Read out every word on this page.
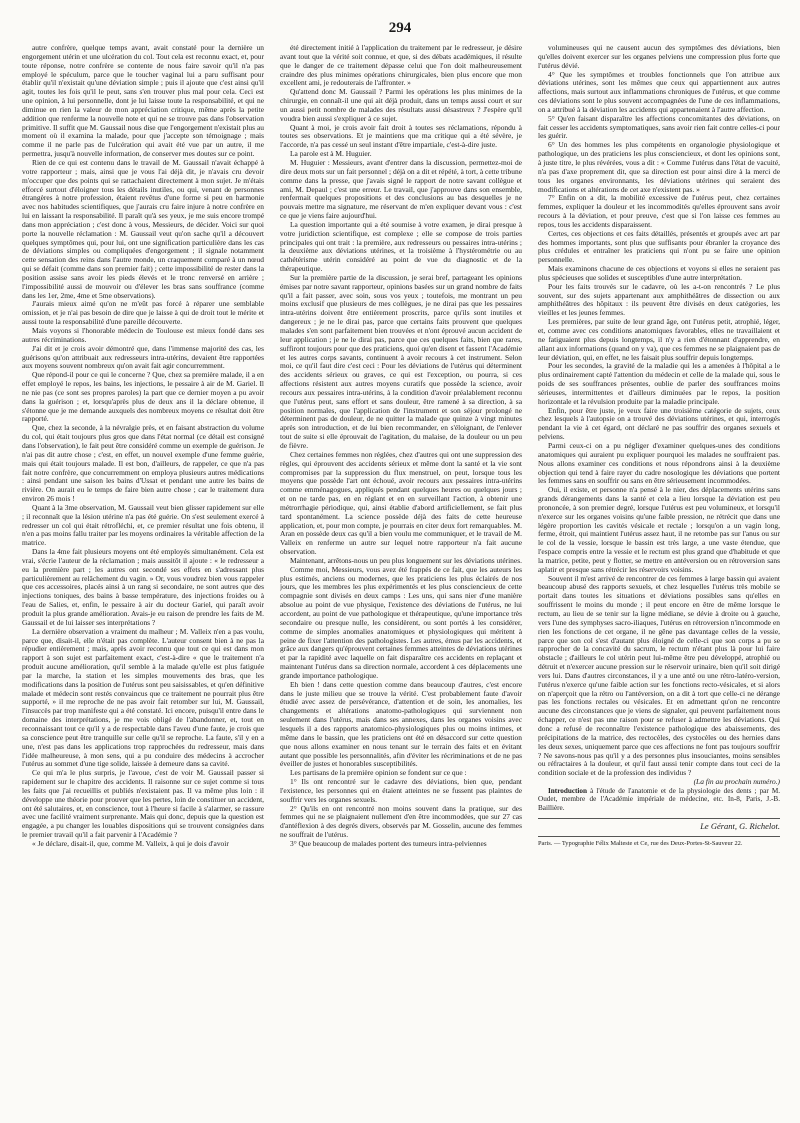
294

autre confrère, quelque temps avant, avait constaté pour la dernière un engorgement utérin et une ulcération du col. Tout cela est reconnu exact, et, pour toute réponse, notre confrère se contente de nous faire savoir qu'il n'a pas employé le spéculum, parce que le toucher vaginal lui a paru suffisant pour établir qu'il n'existait qu'une déviation simple ; puis il ajoute que c'est ainsi qu'il agit, toutes les fois qu'il le peut, sans s'en trouver plus mal pour cela. Ceci est une opinion, à lui personnelle, dont je lui laisse toute la responsabilité, et qui ne diminue en rien la valeur de mon appréciation critique, même après la petite addition que renferme la nouvelle note et qui ne se trouve pas dans l'observation primitive. Il suffit que M. Gaussail nous dise que l'engorgement n'existait plus au moment où il examina la malade, pour que j'accepte son témoignage ; mais comme il ne parle pas de l'ulcération qui avait été vue par un autre, il me permettra, jusqu'à nouvelle information, de conserver mes doutes sur ce point.

Rien de ce qui est contenu dans le travail de M. Gaussail n'avait échappé à votre rapporteur ; mais, ainsi que je vous l'ai déjà dit, je n'avais cru devoir m'occuper que des points qui se rattachaient directement à mon sujet. Je m'étais efforcé surtout d'éloigner tous les détails inutiles, ou qui, venant de personnes étrangères à notre profession, étaient revêtus d'une forme si peu en harmonie avec nos habitudes scientifiques, que j'aurais cru faire injure à notre confrère en lui en laissant la responsabilité. Il paraît qu'à ses yeux, je me suis encore trompé dans mon appréciation ; c'est donc à vous, Messieurs, de décider. Voici sur quoi porte la nouvelle réclamation : M. Gaussail veut qu'on sache qu'il a découvert quelques symptômes qui, pour lui, ont une signification particulière dans les cas de déviations simples ou compliquées d'engorgement ; il signale notamment cette sensation des reins dans l'autre monde, un craquement comparé à un nœud qui se défait (comme dans son premier fait) ; cette impossibilité de rester dans la position assise sans avoir les pieds élevés et le tronc renversé en arrière ; l'impossibilité aussi de mouvoir ou d'élever les bras sans souffrance (comme dans les 1er, 2me, 4me et 5me observations).

J'aurais mieux aimé qu'on ne m'eût pas forcé à réparer une semblable omission, et je n'ai pas besoin de dire que je laisse à qui de droit tout le mérite et aussi toute la responsabilité d'une pareille découverte.

Mais voyons si l'honorable médecin de Toulouse est mieux fondé dans ses autres récriminations.

J'ai dit et je crois avoir démontré que, dans l'immense majorité des cas, les guérisons qu'on attribuait aux redresseurs intra-utérins, devaient être rapportées aux moyens souvent nombreux qu'on avait fait agir concurremment.

Que répond-il pour ce qui le concerne ? Que, chez sa première malade, il a en effet employé le repos, les bains, les injections, le pessaire à air de M. Gariel. Il ne nie pas (ce sont ses propres paroles) la part que ce dernier moyen a pu avoir dans la guérison ; et, lorsqu'après plus de deux ans il la déclare obtenue, il s'étonne que je me demande auxquels des nombreux moyens ce résultat doit être rapporté.

Que, chez la seconde, à la névralgie près, et en faisant abstraction du volume du col, qui était toujours plus gros que dans l'état normal (ce détail est consigné dans l'observation), le fait peut être considéré comme un exemple de guérison. Je n'ai pas dit autre chose ; c'est, en effet, un nouvel exemple d'une femme guérie, mais qui était toujours malade. Il est bon, d'ailleurs, de rappeler, ce que n'a pas fait notre confrère, que concurremment on employa plusieurs autres médications : ainsi pendant une saison les bains d'Ussat et pendant une autre les bains de rivière. On aurait eu le temps de faire bien autre chose ; car le traitement dura environ 26 mois !

Quant à la 3me observation, M. Gaussail veut bien glisser rapidement sur elle ; il reconnaît que la lésion utérine n'a pas été guérie. On s'est seulement exercé à redresser un col qui était rétrofléchi, et, ce premier résultat une fois obtenu, il n'en a pas moins fallu traiter par les moyens ordinaires la véritable affection de la matrice.

Dans la 4me fait plusieurs moyens ont été employés simultanément. Cela est vrai, s'écrie l'auteur de la réclamation ; mais aussitôt il ajoute : « le redresseur a eu la première part ; les autres ont secondé ses effets en s'adressant plus particulièrement au relâchement du vagin. » Or, vous voudrez bien vous rappeler que ces accessoires, placés ainsi à un rang si secondaire, ne sont autres que des injections toniques, des bains à basse température, des injections froides ou à l'eau de Salies, et, enfin, le pessaire à air du docteur Gariel, qui paraît avoir produit la plus grande amélioration. Avais-je eu raison de prendre les faits de M. Gaussail et de lui laisser ses interprétations ?

La dernière observation a vraiment du malheur ; M. Valleix n'en a pas voulu, parce que, disait-il, elle n'était pas complète. L'auteur consent bien à ne pas la répudier entièrement ; mais, après avoir reconnu que tout ce qui est dans mon rapport à son sujet est parfaitement exact, c'est-à-dire « que le traitement n'a produit aucune amélioration, qu'il semble à la malade qu'elle est plus fatiguée par la marche, la station et les simples mouvements des bras, que les modifications dans la position de l'utérus sont peu saisissables, et qu'en définitive malade et médecin sont restés convaincus que ce traitement ne pourrait plus être supporté, » il me reproche de ne pas avoir fait retomber sur lui, M. Gaussail, l'insuccès par trop manifeste qui a été constaté. Ici encore, puisqu'il entre dans le domaine des interprétations, je me vois obligé de l'abandonner, et, tout en reconnaissant tout ce qu'il y a de respectable dans l'aveu d'une faute, je crois que sa conscience peut être tranquille sur celle qu'il se reproche. La faute, s'il y en a une, n'est pas dans les applications trop rapprochées du redresseur, mais dans l'idée malheureuse, à mon sens, qui a pu conduire des médecins à accrocher l'utérus au sommet d'une tige solide, laissée à demeure dans sa cavité.

Ce qui m'a le plus surpris, je l'avoue, c'est de voir M. Gaussail passer si rapidement sur le chapitre des accidents. Il raisonne sur ce sujet comme si tous les faits que j'ai recueillis et publiés n'existaient pas. Il va même plus loin : il développe une théorie pour prouver que les pertes, loin de constituer un accident, ont été salutaires, et, en conscience, tout à l'heure si facile à s'alarmer, se rassure avec une facilité vraiment surprenante. Mais qui donc, depuis que la question est engagée, a pu changer les louables dispositions qui se trouvent consignées dans le premier travail qu'il a fait parvenir à l'Académie ?

« Je déclare, disait-il, que, comme M. Valleix, à qui je dois d'avoir

été directement initié à l'application du traitement par le redresseur, je désire avant tout que la vérité soit connue, et que, si des débats académiques, il résulte que le danger de ce traitement dépasse celui que l'on doit malheureusement craindre des plus minimes opérations chirurgicales, bien plus encore que mon excellent ami, je redouterais de l'affronter. »

Qu'attend donc M. Gaussail ? Parmi les opérations les plus minimes de la chirurgie, en connaît-il une qui ait déjà produit, dans un temps aussi court et sur un aussi petit nombre de malades des résultats aussi désastreux ? J'espère qu'il voudra bien aussi s'expliquer à ce sujet.

Quant à moi, je crois avoir fait droit à toutes ses réclamations, répondu à toutes ses observations. Et je maintiens que ma critique qui a été sévère, je l'accorde, n'a pas cessé un seul instant d'être impartiale, c'est-à-dire juste.

La parole est à M. Huguier.

M. Huguier : Messieurs, avant d'entrer dans la discussion, permettez-moi de dire deux mots sur un fait personnel ; déjà on a dit et répété, à tort, à cette tribune comme dans la presse, que j'avais signé le rapport de notre savant collègue et ami, M. Depaul ; c'est une erreur. Le travail, que j'approuve dans son ensemble, renfermait quelques propositions et des conclusions au bas desquelles je ne pouvais mettre ma signature, me réservant de m'en expliquer devant vous : c'est ce que je viens faire aujourd'hui.

La question importante qui a été soumise à votre examen, je dirai presque à votre juridiction scientifique, est complexe ; elle se compose de trois parties principales qui ont trait : la première, aux redresseurs ou pessaires intra-utérins ; la deuxième aux déviations utérines, et la troisième à l'hystérométrie ou au cathétérisme utérin considéré au point de vue du diagnostic et de la thérapeutique.

Sur la première partie de la discussion, je serai bref, partageant les opinions émises par notre savant rapporteur, opinions basées sur un grand nombre de faits qu'il a fait passer, avec soin, sous vos yeux ; toutefois, me montrant un peu moins exclusif que plusieurs de mes collègues, je ne dirai pas que les pessaires intra-utérins doivent être entièrement proscrits, parce qu'ils sont inutiles et dangereux ; je ne le dirai pas, parce que certains faits prouvent que quelques malades s'en sont parfaitement bien trouvées et n'ont éprouvé aucun accident de leur application ; je ne le dirai pas, parce que ces quelques faits, bien que rares, suffiront toujours pour que des praticiens, quoi qu'en disent et fassent l'Académie et les autres corps savants, continuent à avoir recours à cet instrument. Selon moi, ce qu'il faut dire c'est ceci : Pour les déviations de l'utérus qui déterminent des accidents sérieux ou graves, ce qui est l'exception, ou pourra, si ces affections résistent aux autres moyens curatifs que possède la science, avoir recours aux pessaires intra-utérins, à la condition d'avoir préalablement reconnu que l'utérus peut, sans effort et sans douleur, être ramené à sa direction, à sa position normales, que l'application de l'instrument et son séjour prolongé ne déterminent pas de douleur, de ne quitter la malade que quinze à vingt minutes après son introduction, et de lui bien recommander, en s'éloignant, de l'enlever tout de suite si elle éprouvait de l'agitation, du malaise, de la douleur ou un peu de fièvre.

Chez certaines femmes non réglées, chez d'autres qui ont une suppression des règles, qui éprouvent des accidents sérieux et même dont la santé et la vie sont compromises par la suppression du flux menstruel, on peut, lorsque tous les moyens que possède l'art ont échoué, avoir recours aux pessaires intra-utérins comme emménagogues, appliqués pendant quelques heures ou quelques jours ; et on ne tarde pas, en en réglant et en en surveillant l'action, à obtenir une métrorrhagie périodique, qui, ainsi établie d'abord artificiellement, se fait plus tard spontanément. La science possède déjà des faits de cette heureuse application, et, pour mon compte, je pourrais en citer deux fort remarquables. M. Aran en possède deux cas qu'il a bien voulu me communiquer, et le travail de M. Valleix en renferme un autre sur lequel notre rapporteur n'a fait aucune observation.

Maintenant, arrêtons-nous un peu plus longuement sur les déviations utérines.

Comme moi, Messieurs, vous avez été frappés de ce fait, que les auteurs les plus estimés, anciens ou modernes, que les praticiens les plus éclairés de nos jours, que les membres les plus expérimentés et les plus consciencieux de cette compagnie sont divisés en deux camps : Les uns, qui sans nier d'une manière absolue au point de vue physique, l'existence des déviations de l'utérus, ne lui accordent, au point de vue pathologique et thérapeutique, qu'une importance très secondaire ou presque nulle, les considèrent, ou sont portés à les considérer, comme de simples anomalies anatomiques et physiologiques qui méritent à peine de fixer l'attention des pathologistes. Les autres, émus par les accidents, et grâce aux dangers qu'éprouvent certaines femmes atteintes de déviations utérines et par la rapidité avec laquelle on fait disparaître ces accidents en replaçant et maintenant l'utérus dans sa direction normale, accordent à ces déplacements une grande importance pathologique.

Eh bien ! dans cette question comme dans beaucoup d'autres, c'est encore dans le juste milieu que se trouve la vérité. C'est probablement faute d'avoir étudié avec assez de persévérance, d'attention et de soin, les anomalies, les changements et altérations anatomo-pathologiques qui surviennent non seulement dans l'utérus, mais dans ses annexes, dans les organes voisins avec lesquels il a des rapports anatomico-physiologiques plus ou moins intimes, et même dans le bassin, que les praticiens ont été en désaccord sur cette question que nous allons examiner en nous tenant sur le terrain des faits et en évitant autant que possible les personnalités, afin d'éviter les récriminations et de ne pas éveiller de justes et honorables susceptibilités.

Les partisans de la première opinion se fondent sur ce que :

1° Ils ont rencontré sur le cadavre des déviations, bien que, pendant l'existence, les personnes qui en étaient atteintes ne se fussent pas plaintes de souffrir vers les organes sexuels.

2° Qu'ils en ont rencontré non moins souvent dans la pratique, sur des femmes qui ne se plaignaient nullement d'en être incommodées, que sur 27 cas d'antéflexion à des degrés divers, observés par M. Gosselin, aucune des femmes ne souffrait de l'utérus.

3° Que beaucoup de malades portent des tumeurs intra-pelviennes

volumineuses qui ne causent aucun des symptômes des déviations, bien qu'elles doivent exercer sur les organes pelviens une compression plus forte que l'utérus dévié.

4° Que les symptômes et troubles fonctionnels que l'on attribue aux déviations utérines, sont les mêmes que ceux qui appartiennent aux autres affections, mais surtout aux inflammations chroniques de l'utérus, et que comme ces déviations sont le plus souvent accompagnées de l'une de ces inflammations, on a attribué à la déviation les accidents qui appartenaient à l'autre affection.

5° Qu'en faisant disparaître les affections concomitantes des déviations, on fait cesser les accidents symptomatiques, sans avoir rien fait contre celles-ci pour les guérir.

6° Un des hommes les plus compétents en organologie physiologique et pathologique, un des praticiens les plus consciencieux, et dont les opinions sont, à juste titre, le plus révérées, vous a dit : « Comme l'utérus dans l'état de vacuité, n'a pas d'axe proprement dit, que sa direction est pour ainsi dire à la merci de tous les organes environnants, les déviations utérines qui seraient des modifications et altérations de cet axe n'existent pas. »

7° Enfin on a dit, la mobilité excessive de l'utérus peut, chez certaines femmes, expliquer la douleur et les incommodités qu'elles éprouvent sans avoir recours à la déviation, et pour preuve, c'est que si l'on laisse ces femmes au repos, tous les accidents disparaissent.

Certes, ces objections et ces faits détaillés, présentés et groupés avec art par des hommes importants, sont plus que suffisants pour ébranler la croyance des plus crédules et entraîner les praticiens qui n'ont pu se faire une opinion personnelle.

Mais examinons chacune de ces objections et voyons si elles ne seraient pas plus spécieuses que solides et susceptibles d'une autre interprétation.

Pour les faits trouvés sur le cadavre, où les a-t-on rencontrés ? Le plus souvent, sur des sujets appartenant aux amphithéâtres de dissection ou aux amphithéâtres des hôpitaux : ils peuvent être divisés en deux catégories, les vieilles et les jeunes femmes.

Les premières, par suite de leur grand âge, ont l'utérus petit, atrophié, léger, et, comme avec ces conditions anatomiques favorables, elles ne travaillaient et ne fatiguaient plus depuis longtemps, il n'y a rien d'étonnant d'apprendre, en allant aux informations (quand on y va), que ces femmes ne se plaignaient pas de leur déviation, qui, en effet, ne les faisait plus souffrir depuis longtemps.

Pour les secondes, la gravité de la maladie qui les a amenées à l'hôpital a le plus ordinairement capté l'attention du médecin et celle de la malade qui, sous le poids de ses souffrances présentes, oublie de parler des souffrances moins sérieuses, intermittentes et d'ailleurs diminuées par le repos, la position horizontale et la révulsion produite par la maladie principale.

Enfin, pour être juste, je veux faire une troisième catégorie de sujets, ceux chez lesquels à l'autopsie on a trouvé des déviations utérines, et qui, interrogés pendant la vie à cet égard, ont déclaré ne pas souffrir des organes sexuels et pelviens.

Parmi ceux-ci on a pu négliger d'examiner quelques-unes des conditions anatomiques qui auraient pu expliquer pourquoi les malades ne souffraient pas. Nous allons examiner ces conditions et nous répondrons ainsi à la deuxième objection qui tend à faire rayer du cadre nosologique les déviations que portent les femmes sans en souffrir ou sans en être sérieusement incommodées.

Oui, il existe, et personne n'a pensé à le nier, des déplacements utérins sans grands dérangements dans la santé et cela a lieu lorsque la déviation est peu prononcée, à son premier degré, lorsque l'utérus est peu volumineux, et lorsqu'il n'exerce sur les organes voisins qu'une faible pression, ne rétrécit que dans une légère proportion les cavités vésicale et rectale ; lorsqu'on a un vagin long, ferme, étroit, qui maintient l'utérus assez haut, il ne retombe pas sur l'anus ou sur le col de la vessie, lorsque le bassin est très large, a une vaste étendue, que l'espace compris entre la vessie et le rectum est plus grand que d'habitude et que la matrice, petite, peut y flotter, se mettre en antéversion ou en rétroversion sans aplatir et presque sans rétrécir les réservoirs voisins.

Souvent il m'est arrivé de rencontrer de ces femmes à large bassin qui avaient beaucoup abusé des rapports sexuels, et chez lesquelles l'utérus très mobile se portait dans toutes les situations et déviations possibles sans qu'elles en souffrissent le moins du monde ; il peut encore en être de même lorsque le rectum, au lieu de se tenir sur la ligne médiane, se dévie à droite ou à gauche, vers l'une des symphyses sacro-iliaques, l'utérus en rétroversion n'incommode en rien les fonctions de cet organe, il ne gêne pas davantage celles de la vessie, parce que son col s'est d'autant plus éloigné de celle-ci que son corps a pu se rapprocher de la concavité du sacrum, le rectum n'étant plus là pour lui faire obstacle ; d'ailleurs le col utérin peut lui-même être peu développé, atrophié ou détruit et n'exercer aucune pression sur le réservoir urinaire, bien qu'il soit dirigé vers lui. Dans d'autres circonstances, il y a une anté ou une rétro-latéro-version, l'utérus n'exerce qu'une faible action sur les fonctions recto-vésicales, et si alors on n'aperçoit que la rétro ou l'antéversion, on a dit à tort que celle-ci ne dérange pas les fonctions rectales ou vésicales. Et en admettant qu'on ne rencontre aucune des circonstances que je viens de signaler, qui peuvent parfaitement nous échapper, ce n'est pas une raison pour se refuser à admettre les déviations. Qui donc a refusé de reconnaître l'existence pathologique des abaissements, des précipitations de la matrice, des rectocèles, des cystocèles ou des hernies dans les deux sexes, uniquement parce que ces affections ne font pas toujours souffrir ? Ne savons-nous pas qu'il y a des personnes plus insouciantes, moins sensibles ou réfractaires à la douleur, et qu'il faut aussi tenir compte dans tout ceci de la condition sociale et de la profession des individus ?

(La fin au prochain numéro.)

Introduction à l'étude de l'anatomie et de la physiologie des dents ; par M. Oudet, membre de l'Académie impériale de médecine, etc. In-8, Paris, J.-B. Baillière.

Le Gérant, G. Richelot.
Paris. — Typographie Félix Malteste et Ce, rue des Deux-Portes-St-Sauveur 22.
